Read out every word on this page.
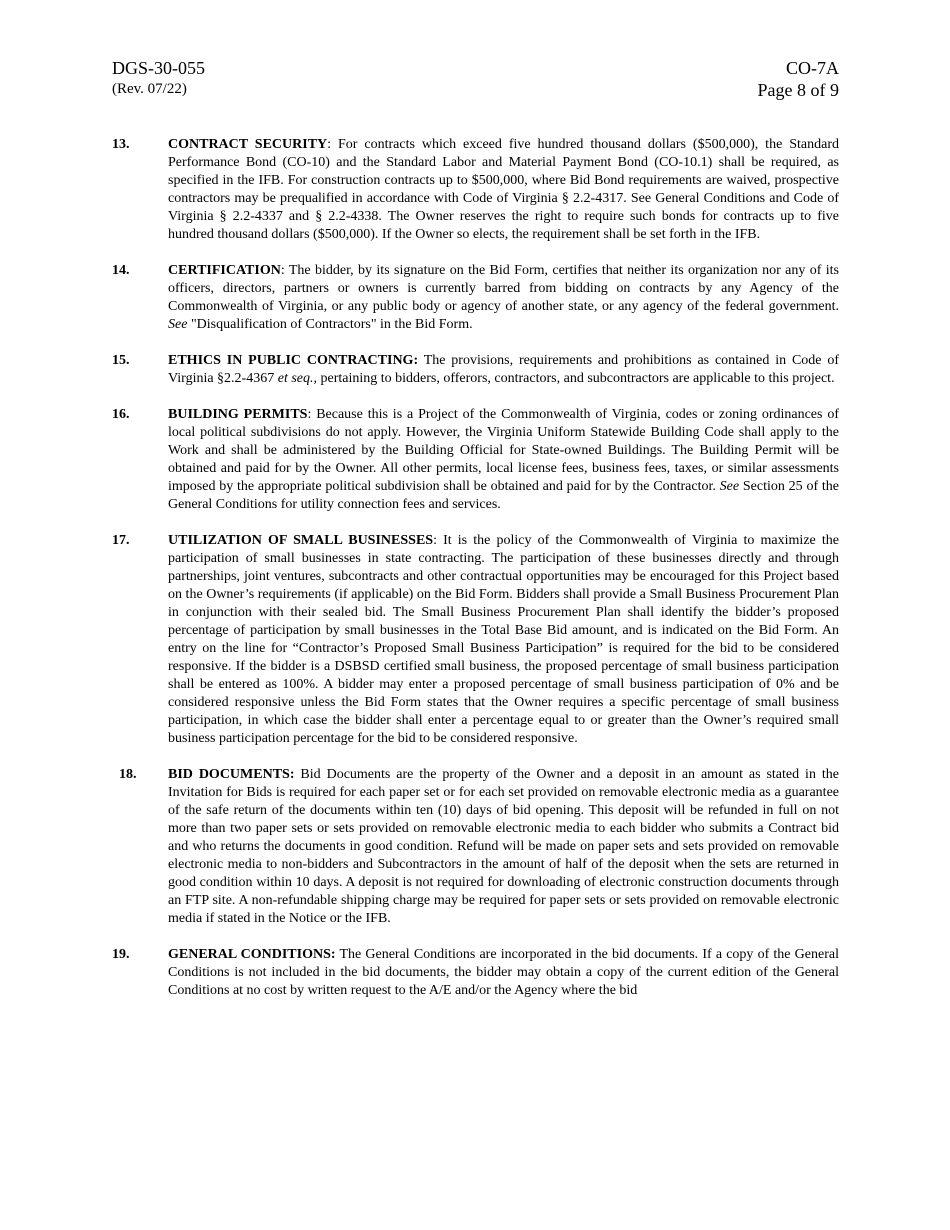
DGS-30-055
(Rev. 07/22)
CO-7A
Page 8 of 9
13.	CONTRACT SECURITY: For contracts which exceed five hundred thousand dollars ($500,000), the Standard Performance Bond (CO-10) and the Standard Labor and Material Payment Bond (CO-10.1) shall be required, as specified in the IFB. For construction contracts up to $500,000, where Bid Bond requirements are waived, prospective contractors may be prequalified in accordance with Code of Virginia § 2.2-4317. See General Conditions and Code of Virginia § 2.2-4337 and § 2.2-4338. The Owner reserves the right to require such bonds for contracts up to five hundred thousand dollars ($500,000). If the Owner so elects, the requirement shall be set forth in the IFB.
14.	CERTIFICATION: The bidder, by its signature on the Bid Form, certifies that neither its organization nor any of its officers, directors, partners or owners is currently barred from bidding on contracts by any Agency of the Commonwealth of Virginia, or any public body or agency of another state, or any agency of the federal government. See "Disqualification of Contractors" in the Bid Form.
15.	ETHICS IN PUBLIC CONTRACTING: The provisions, requirements and prohibitions as contained in Code of Virginia §2.2-4367 et seq., pertaining to bidders, offerors, contractors, and subcontractors are applicable to this project.
16.	BUILDING PERMITS: Because this is a Project of the Commonwealth of Virginia, codes or zoning ordinances of local political subdivisions do not apply. However, the Virginia Uniform Statewide Building Code shall apply to the Work and shall be administered by the Building Official for State-owned Buildings. The Building Permit will be obtained and paid for by the Owner. All other permits, local license fees, business fees, taxes, or similar assessments imposed by the appropriate political subdivision shall be obtained and paid for by the Contractor. See Section 25 of the General Conditions for utility connection fees and services.
17.	UTILIZATION OF SMALL BUSINESSES: It is the policy of the Commonwealth of Virginia to maximize the participation of small businesses in state contracting. The participation of these businesses directly and through partnerships, joint ventures, subcontracts and other contractual opportunities may be encouraged for this Project based on the Owner’s requirements (if applicable) on the Bid Form. Bidders shall provide a Small Business Procurement Plan in conjunction with their sealed bid. The Small Business Procurement Plan shall identify the bidder’s proposed percentage of participation by small businesses in the Total Base Bid amount, and is indicated on the Bid Form. An entry on the line for “Contractor’s Proposed Small Business Participation” is required for the bid to be considered responsive. If the bidder is a DSBSD certified small business, the proposed percentage of small business participation shall be entered as 100%. A bidder may enter a proposed percentage of small business participation of 0% and be considered responsive unless the Bid Form states that the Owner requires a specific percentage of small business participation, in which case the bidder shall enter a percentage equal to or greater than the Owner’s required small business participation percentage for the bid to be considered responsive.
18. BID DOCUMENTS: Bid Documents are the property of the Owner and a deposit in an amount as stated in the Invitation for Bids is required for each paper set or for each set provided on removable electronic media as a guarantee of the safe return of the documents within ten (10) days of bid opening. This deposit will be refunded in full on not more than two paper sets or sets provided on removable electronic media to each bidder who submits a Contract bid and who returns the documents in good condition. Refund will be made on paper sets and sets provided on removable electronic media to non-bidders and Subcontractors in the amount of half of the deposit when the sets are returned in good condition within 10 days. A deposit is not required for downloading of electronic construction documents through an FTP site. A non-refundable shipping charge may be required for paper sets or sets provided on removable electronic media if stated in the Notice or the IFB.
19.	GENERAL CONDITIONS: The General Conditions are incorporated in the bid documents. If a copy of the General Conditions is not included in the bid documents, the bidder may obtain a copy of the current edition of the General Conditions at no cost by written request to the A/E and/or the Agency where the bid
